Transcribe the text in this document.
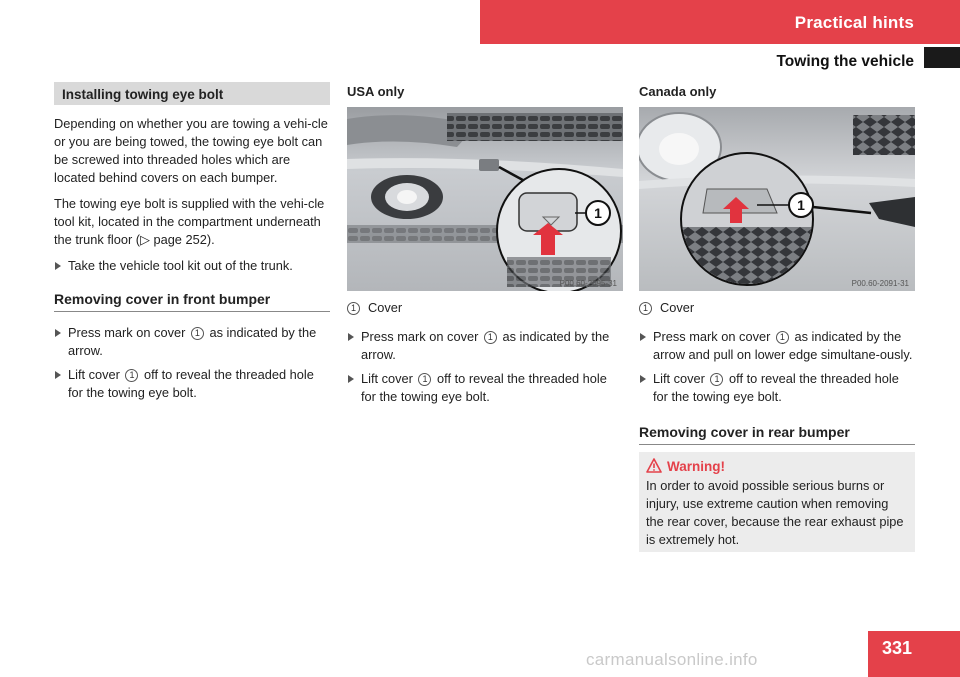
Practical hints
Towing the vehicle
Installing towing eye bolt

Depending on whether you are towing a vehi-cle or you are being towed, the towing eye bolt can be screwed into threaded holes which are located behind covers on each bumper.

The towing eye bolt is supplied with the vehi-cle tool kit, located in the compartment underneath the trunk floor (▷ page 252).

Take the vehicle tool kit out of the trunk.
Removing cover in front bumper
Press mark on cover 1 as indicated by the arrow.
Lift cover 1 off to reveal the threaded hole for the towing eye bolt.
USA only
1
P00.60-2095-31
1 Cover
Press mark on cover 1 as indicated by the arrow.
Lift cover 1 off to reveal the threaded hole for the towing eye bolt.
Canada only
1
P00.60-2091-31
1 Cover
Press mark on cover 1 as indicated by the arrow and pull on lower edge simultane-ously.
Lift cover 1 off to reveal the threaded hole for the towing eye bolt.
Removing cover in rear bumper
Warning!

In order to avoid possible serious burns or injury, use extreme caution when removing the rear cover, because the rear exhaust pipe is extremely hot.

331
carmanualsonline.info
